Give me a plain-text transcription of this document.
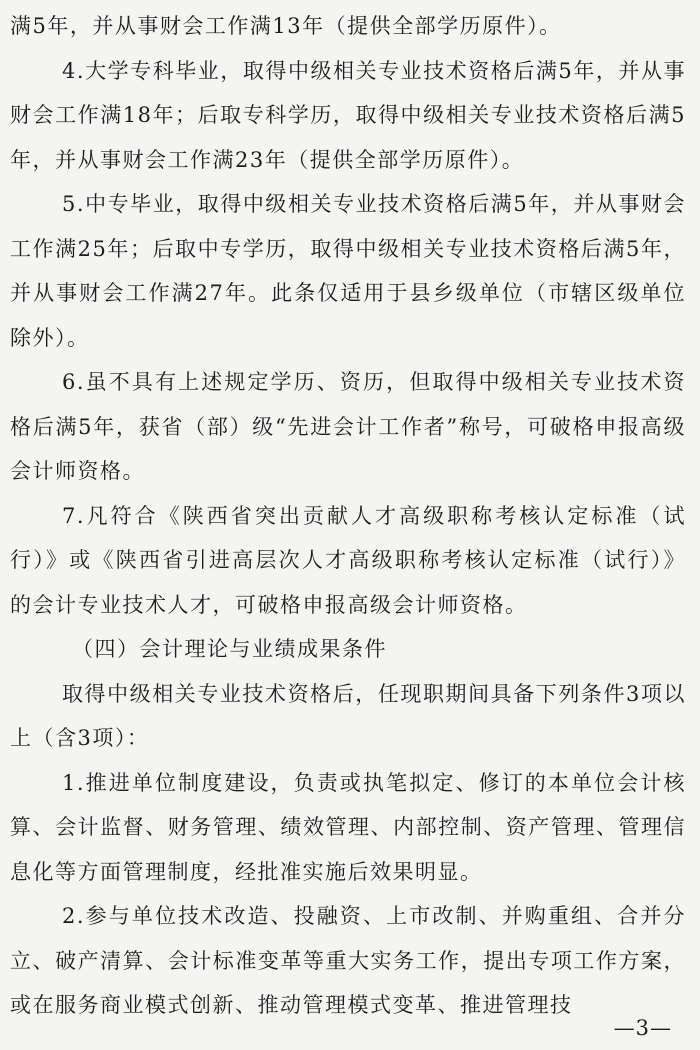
满5年，并从事财会工作满13年（提供全部学历原件）。

4.大学专科毕业，取得中级相关专业技术资格后满5年，并从事财会工作满18年；后取专科学历，取得中级相关专业技术资格后满5年，并从事财会工作满23年（提供全部学历原件）。

5.中专毕业，取得中级相关专业技术资格后满5年，并从事财会工作满25年；后取中专学历，取得中级相关专业技术资格后满5年，并从事财会工作满27年。此条仅适用于县乡级单位（市辖区级单位除外）。

6.虽不具有上述规定学历、资历，但取得中级相关专业技术资格后满5年，获省（部）级“先进会计工作者”称号，可破格申报高级会计师资格。

7.凡符合《陕西省突出贡献人才高级职称考核认定标准（试行）》或《陕西省引进高层次人才高级职称考核认定标准（试行）》的会计专业技术人才，可破格申报高级会计师资格。

（四）会计理论与业绩成果条件

取得中级相关专业技术资格后，任现职期间具备下列条件3项以上（含3项）：

1.推进单位制度建设，负责或执笔拟定、修订的本单位会计核算、会计监督、财务管理、绩效管理、内部控制、资产管理、管理信息化等方面管理制度，经批准实施后效果明显。

2.参与单位技术改造、投融资、上市改制、并购重组、合并分立、破产清算、会计标准变革等重大实务工作，提出专项工作方案，或在服务商业模式创新、推动管理模式变革、推进管理技

—3—
